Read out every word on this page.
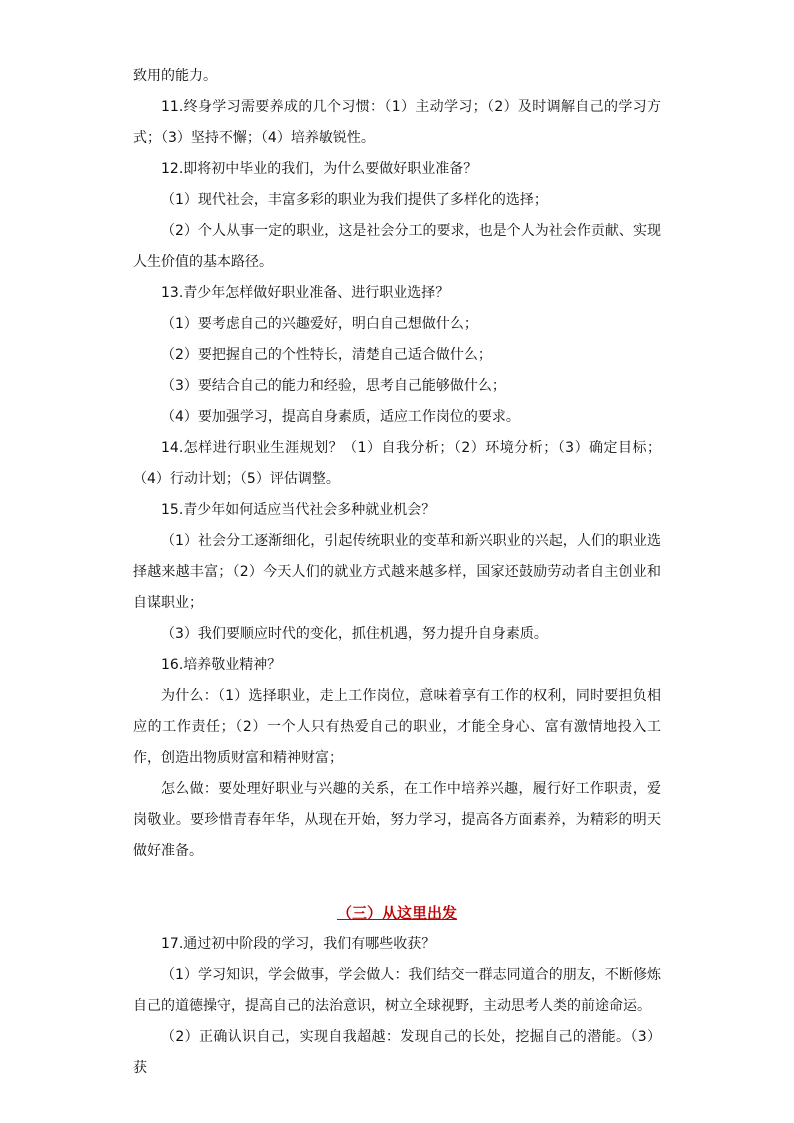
致用的能力。

11.终身学习需要养成的几个习惯：（1）主动学习；（2）及时调解自己的学习方式；（3）坚持不懈；（4）培养敏锐性。

12.即将初中毕业的我们，为什么要做好职业准备？

（1）现代社会，丰富多彩的职业为我们提供了多样化的选择；

（2）个人从事一定的职业，这是社会分工的要求，也是个人为社会作贡献、实现人生价值的基本路径。

13.青少年怎样做好职业准备、进行职业选择？

（1）要考虑自己的兴趣爱好，明白自己想做什么；

（2）要把握自己的个性特长，清楚自己适合做什么；

（3）要结合自己的能力和经验，思考自己能够做什么；

（4）要加强学习，提高自身素质，适应工作岗位的要求。

14.怎样进行职业生涯规划？（1）自我分析；（2）环境分析；（3）确定目标；（4）行动计划；（5）评估调整。

15.青少年如何适应当代社会多种就业机会？

（1）社会分工逐渐细化，引起传统职业的变革和新兴职业的兴起，人们的职业选择越来越丰富；（2）今天人们的就业方式越来越多样，国家还鼓励劳动者自主创业和自谋职业；

（3）我们要顺应时代的变化，抓住机遇，努力提升自身素质。

16.培养敬业精神？

为什么：（1）选择职业，走上工作岗位，意味着享有工作的权利，同时要担负相应的工作责任；（2）一个人只有热爱自己的职业，才能全身心、富有激情地投入工作，创造出物质财富和精神财富；

怎么做：要处理好职业与兴趣的关系，在工作中培养兴趣，履行好工作职责，爱岗敬业。要珍惜青春年华，从现在开始，努力学习，提高各方面素养，为精彩的明天做好准备。

（三）从这里出发

17.通过初中阶段的学习，我们有哪些收获？

（1）学习知识，学会做事，学会做人：我们结交一群志同道合的朋友，不断修炼自己的道德操守，提高自己的法治意识，树立全球视野，主动思考人类的前途命运。

（2）正确认识自己，实现自我超越：发现自己的长处，挖掘自己的潜能。（3）获
